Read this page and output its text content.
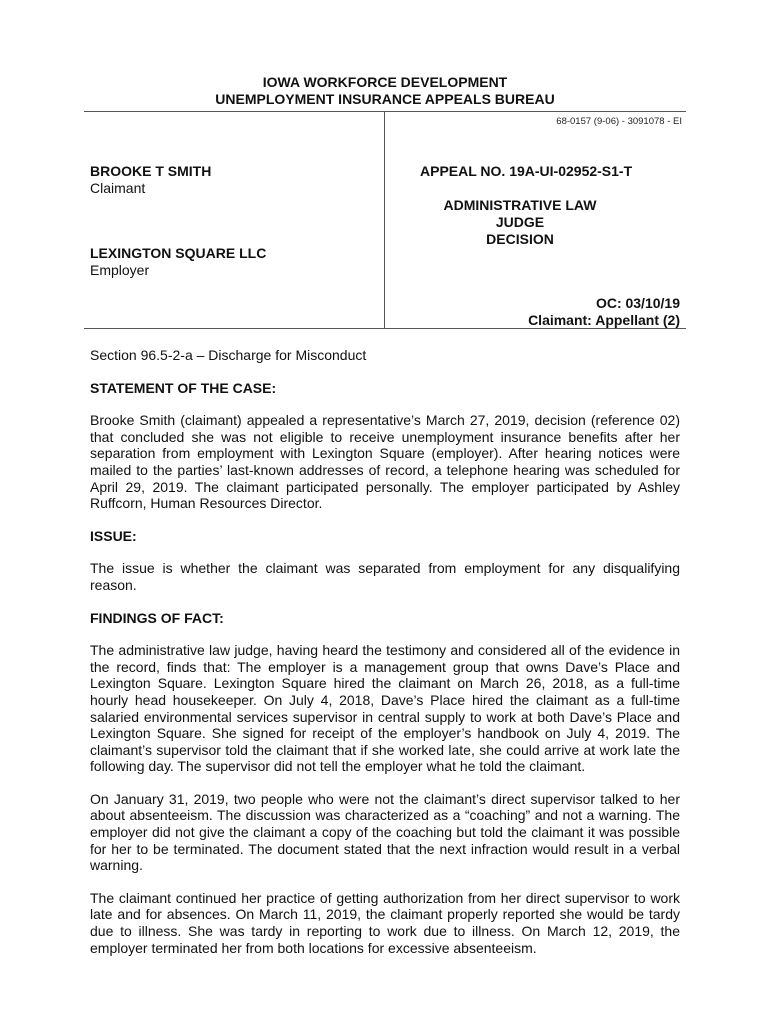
IOWA WORKFORCE DEVELOPMENT
UNEMPLOYMENT INSURANCE APPEALS BUREAU
68-0157 (9-06) - 3091078 - EI
BROOKE T SMITH
Claimant
LEXINGTON SQUARE LLC
Employer
APPEAL NO. 19A-UI-02952-S1-T
ADMINISTRATIVE LAW JUDGE
DECISION
OC: 03/10/19
Claimant: Appellant (2)

Section 96.5-2-a – Discharge for Misconduct

STATEMENT OF THE CASE:

Brooke Smith (claimant) appealed a representative’s March 27, 2019, decision (reference 02) that concluded she was not eligible to receive unemployment insurance benefits after her separation from employment with Lexington Square (employer). After hearing notices were mailed to the parties’ last-known addresses of record, a telephone hearing was scheduled for April 29, 2019. The claimant participated personally. The employer participated by Ashley Ruffcorn, Human Resources Director.

ISSUE:

The issue is whether the claimant was separated from employment for any disqualifying reason.

FINDINGS OF FACT:

The administrative law judge, having heard the testimony and considered all of the evidence in the record, finds that: The employer is a management group that owns Dave’s Place and Lexington Square. Lexington Square hired the claimant on March 26, 2018, as a full-time hourly head housekeeper. On July 4, 2018, Dave’s Place hired the claimant as a full-time salaried environmental services supervisor in central supply to work at both Dave’s Place and Lexington Square. She signed for receipt of the employer’s handbook on July 4, 2019. The claimant’s supervisor told the claimant that if she worked late, she could arrive at work late the following day. The supervisor did not tell the employer what he told the claimant.

On January 31, 2019, two people who were not the claimant’s direct supervisor talked to her about absenteeism. The discussion was characterized as a “coaching” and not a warning. The employer did not give the claimant a copy of the coaching but told the claimant it was possible for her to be terminated. The document stated that the next infraction would result in a verbal warning.

The claimant continued her practice of getting authorization from her direct supervisor to work late and for absences. On March 11, 2019, the claimant properly reported she would be tardy due to illness. She was tardy in reporting to work due to illness. On March 12, 2019, the employer terminated her from both locations for excessive absenteeism.
